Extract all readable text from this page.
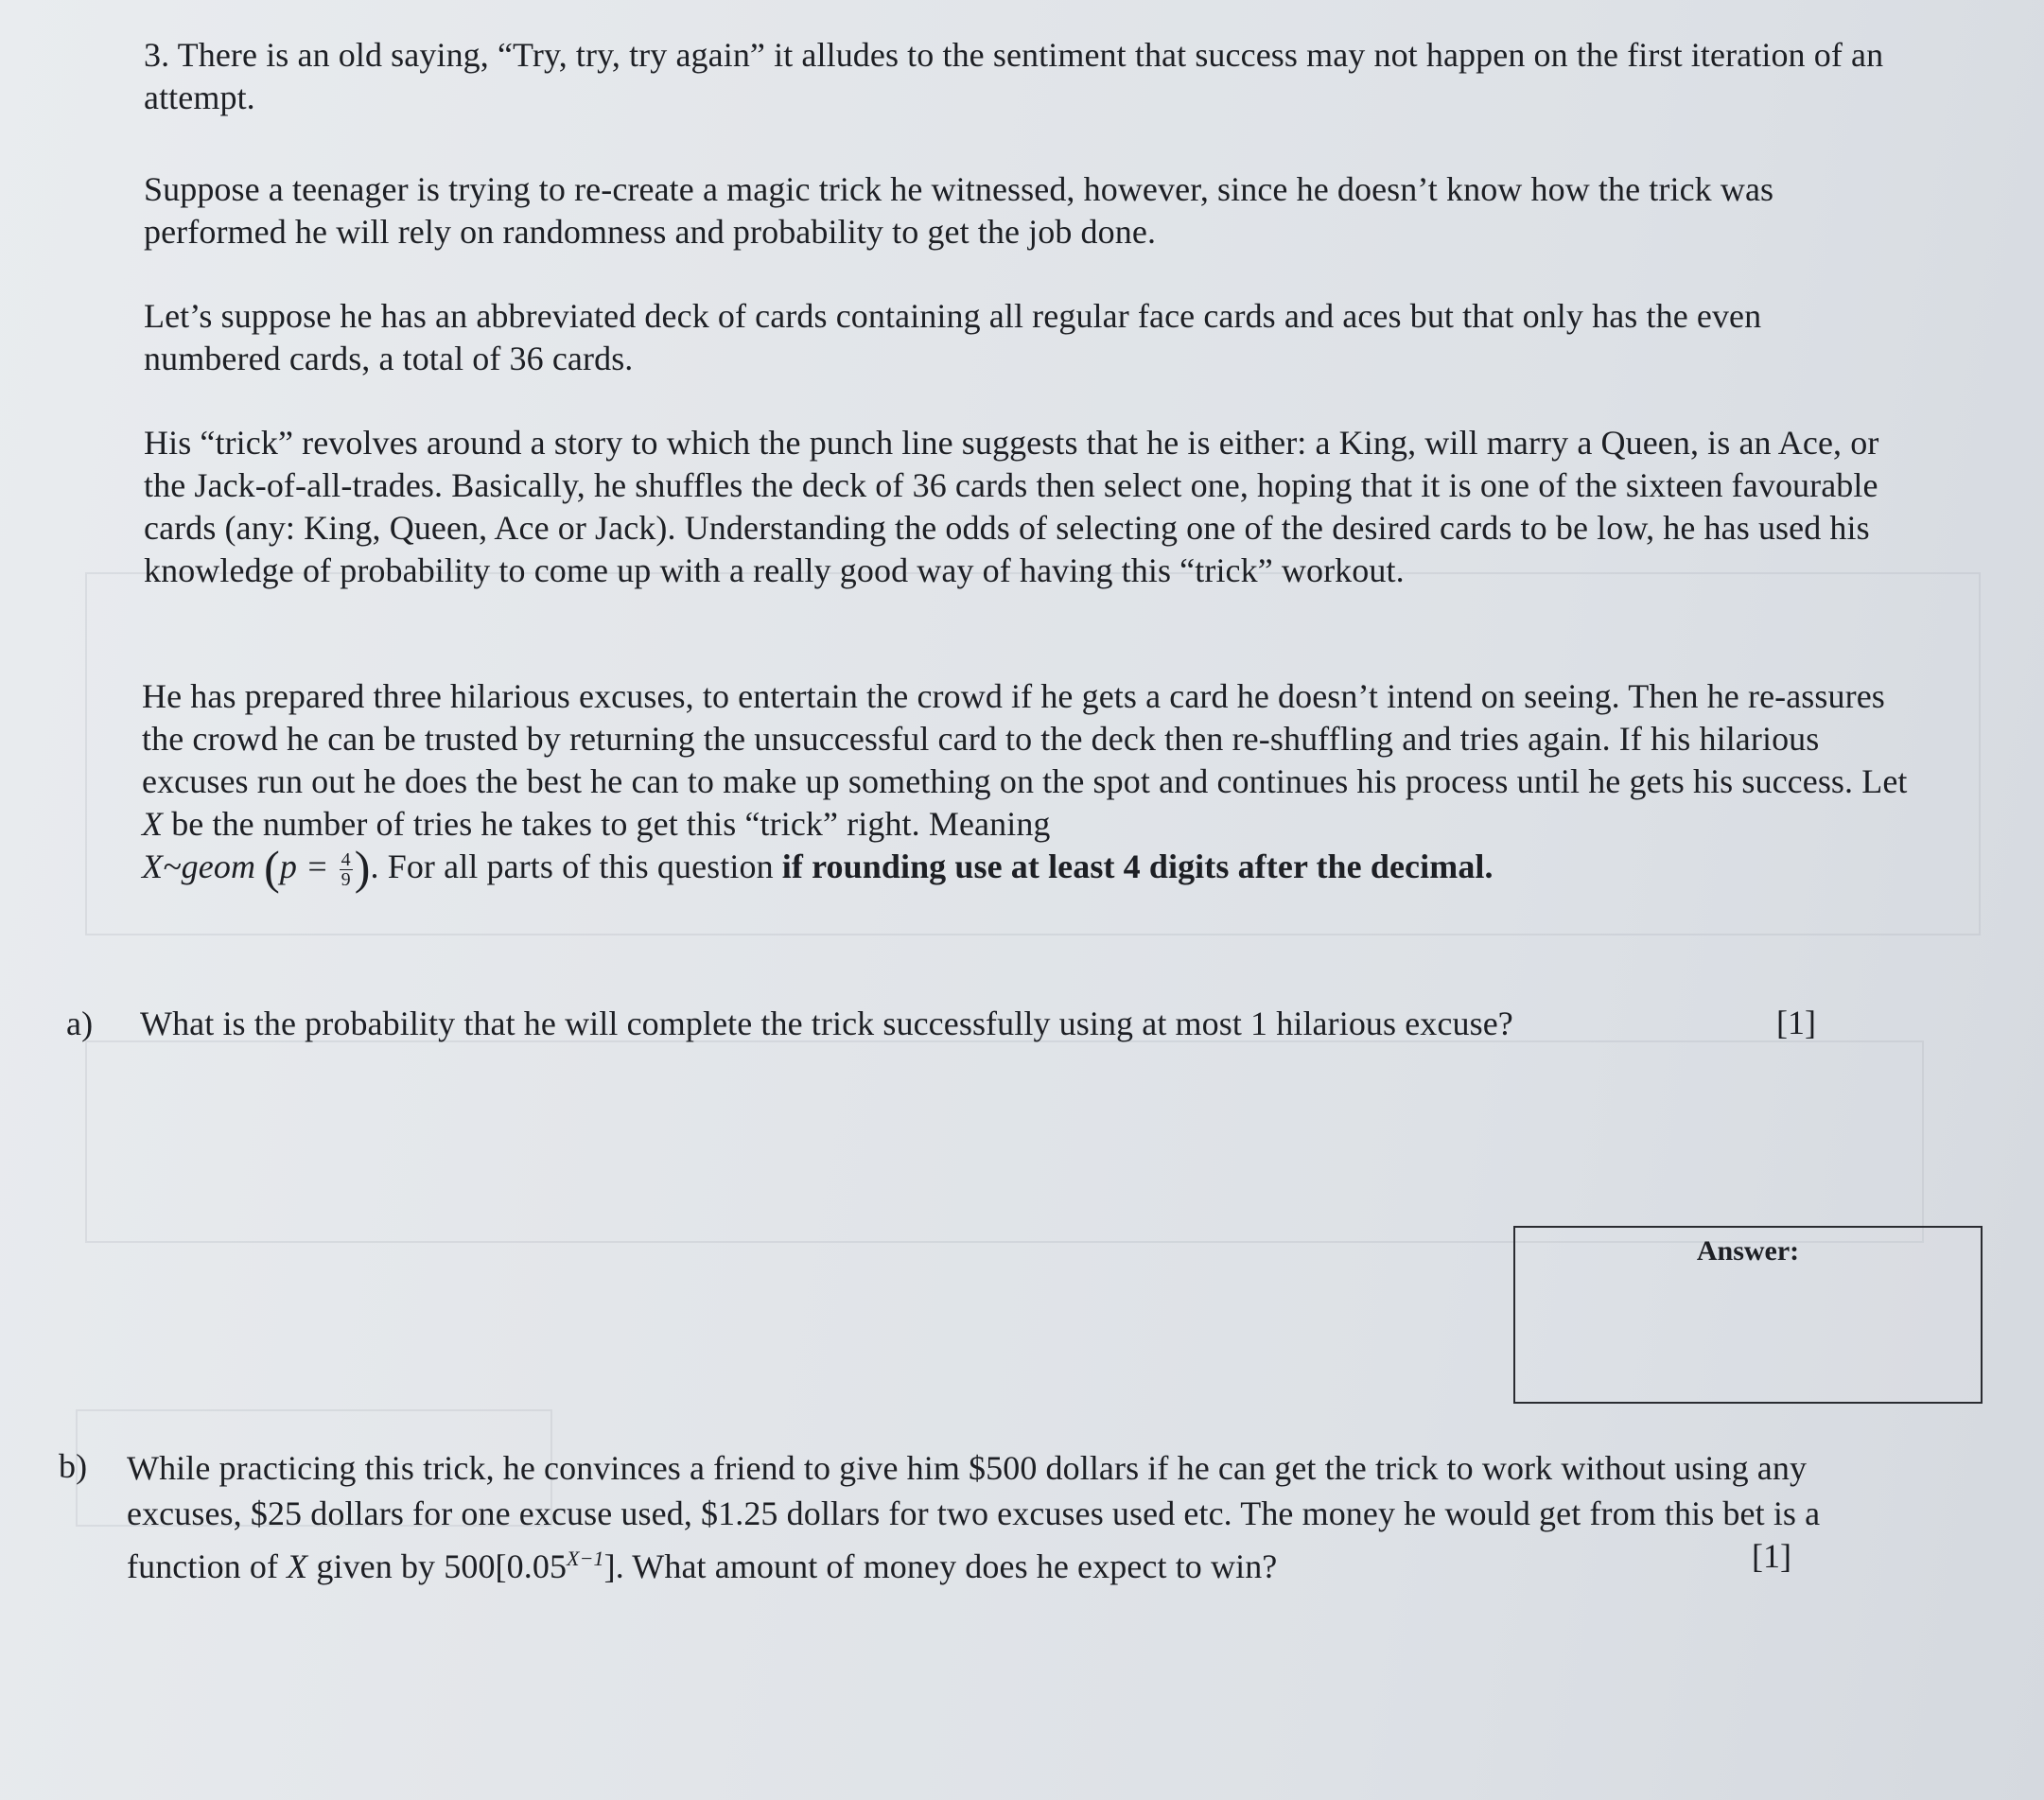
3. There is an old saying, “Try, try, try again” it alludes to the sentiment that success may not happen on the first iteration of an attempt.
Suppose a teenager is trying to re-create a magic trick he witnessed, however, since he doesn’t know how the trick was performed he will rely on randomness and probability to get the job done.
Let’s suppose he has an abbreviated deck of cards containing all regular face cards and aces but that only has the even numbered cards, a total of 36 cards.
His “trick” revolves around a story to which the punch line suggests that he is either: a King, will marry a Queen, is an Ace, or the Jack-of-all-trades. Basically, he shuffles the deck of 36 cards then select one, hoping that it is one of the sixteen favourable cards (any: King, Queen, Ace or Jack). Understanding the odds of selecting one of the desired cards to be low, he has used his knowledge of probability to come up with a really good way of having this “trick” workout.
He has prepared three hilarious excuses, to entertain the crowd if he gets a card he doesn’t intend on seeing. Then he re-assures the crowd he can be trusted by returning the unsuccessful card to the deck then re-shuffling and tries again. If his hilarious excuses run out he does the best he can to make up something on the spot and continues his process until he gets his success. Let X be the number of tries he takes to get this “trick” right. Meaning
X~geom ($p = \frac{4}{9}$ ). For all parts of this question if rounding use at least 4 digits after the decimal.
a) What is the probability that he will complete the trick successfully using at most 1 hilarious excuse?	[1]
Answer:
b) While practicing this trick, he convinces a friend to give him $500 dollars if he can get the trick to work without using any excuses, $25 dollars for one excuse used, $1.25 dollars for two excuses used etc. The money he would get from this bet is a function of X given by $500[0.05^{X-1}]$. What amount of money does he expect to win?	[1]
